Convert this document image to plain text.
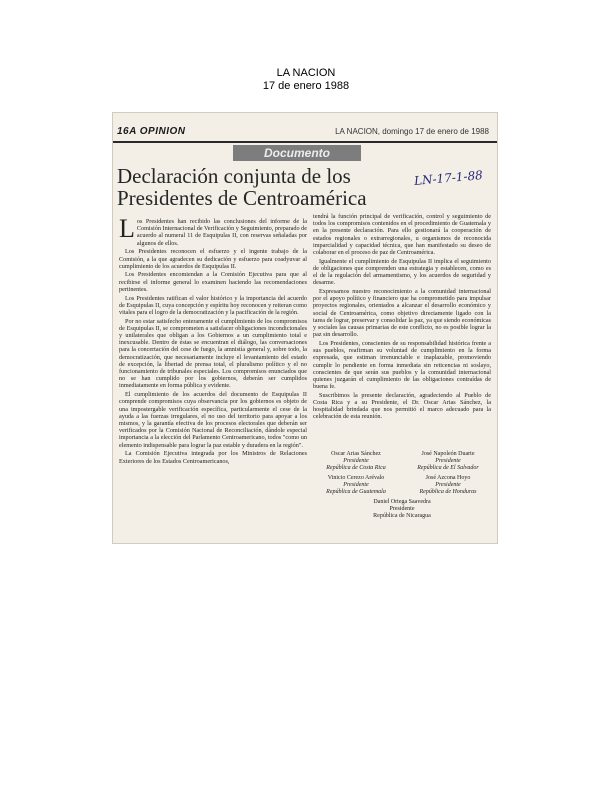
LA NACION
17 de enero 1988
16A OPINION	LA NACION, domingo 17 de enero de 1988
Documento
Declaración conjunta de los Presidentes de Centroamérica
LN-17-1-88
L os Presidentes han recibido las conclusiones del informe de la Comisión Internacional de Verificación y Seguimiento, preparado de acuerdo al numeral 11 de Esquipulas II, con reservas señaladas por algunos de ellos.

Los Presidentes reconocen el esfuerzo y el ingente trabajo de la Comisión, a la que agradecen su dedicación y esfuerzo para coadyuvar al cumplimiento de los acuerdos de Esquipulas II.

Los Presidentes encomiendan a la Comisión Ejecutiva para que al recibirse el informe general lo examinen haciendo las recomendaciones pertinentes.

Los Presidentes ratifican el valor histórico y la importancia del acuerdo de Esquipulas II, cuya concepción y espíritu hoy reconocen y reiteran como vitales para el logro de la democratización y la pacificación de la región.

Por no estar satisfecho enteramente el cumplimiento de los compromisos de Esquipulas II, se comprometen a satisfacer obligaciones incondicionales y unilaterales que obligan a los Gobiernos a un cumplimiento total e inexcusable. Dentro de éstas se encuentran el diálogo, las conversaciones para la concertación del cese de fuego, la amnistía general y, sobre todo, la democratización, que necesariamente incluye el levantamiento del estado de excepción, la libertad de prensa total, el pluralismo político y el no funcionamiento de tribunales especiales. Los compromisos enunciados que no se han cumplido por los gobiernos, deberán ser cumplidos inmediatamente en forma pública y evidente.

El cumplimiento de los acuerdos del documento de Esquipulas II comprende compromisos cuya observancia por los gobiernos es objeto de una impostergable verificación específica, particularmente el cese de la ayuda a las fuerzas irregulares, el no uso del territorio para apoyar a los mismos, y la garantía efectiva de los procesos electorales que deberán ser verificados por la Comisión Nacional de Reconciliación, dándole especial importancia a la elección del Parlamento Centroamericano, todos "como un elemento indispensable para lograr la paz estable y duradera en la región".

La Comisión Ejecutiva integrada por los Ministros de Relaciones Exteriores de los Estados Centroamericanos,

tendrá la función principal de verificación, control y seguimiento de todos los compromisos contenidos en el procedimiento de Guatemala y en la presente declaración. Para ello gestionará la cooperación de estados regionales o extrarregionales, u organismos de reconocida imparcialidad y capacidad técnica, que han manifestado su deseo de colaborar en el proceso de paz de Centroamérica.

Igualmente el cumplimiento de Esquipulas II implica el seguimiento de obligaciones que comprenden una estrategia y establecen, como es el de la regulación del armamentismo, y los acuerdos de seguridad y desarme.

Expresamos nuestro reconocimiento a la comunidad internacional por el apoyo político y financiero que ha comprometido para impulsar proyectos regionales, orientados a alcanzar el desarrollo económico y social de Centroamérica, como objetivo directamente ligado con la tarea de lograr, preservar y consolidar la paz, ya que siendo económicas y sociales las causas primarias de este conflicto, no es posible lograr la paz sin desarrollo.

Los Presidentes, conscientes de su responsabilidad histórica frente a sus pueblos, reafirman su voluntad de cumplimiento en la forma expresada, que estiman irrenunciable e inaplazable, promoviendo cumplir lo pendiente en forma inmediata sin reticencias ni soslayo, conscientes de que serán sus pueblos y la comunidad internacional quienes juzgarán el cumplimiento de las obligaciones contraídas de buena fe.

Suscribimos la presente declaración, agradeciendo al Pueblo de Costa Rica y a su Presidente, el Dr. Oscar Arias Sánchez, la hospitalidad brindada que nos permitió el marco adecuado para la celebración de esta reunión.

Oscar Arias Sánchez
Presidente
República de Costa Rica
José Napoleón Duarte
Presidente
República de El Salvador
Vinicio Cerezo Arévalo
Presidente
República de Guatemala
José Azcona Hoyo
Presidente
República de Honduras
Daniel Ortega Saavedra
Presidente
República de Nicaragua
